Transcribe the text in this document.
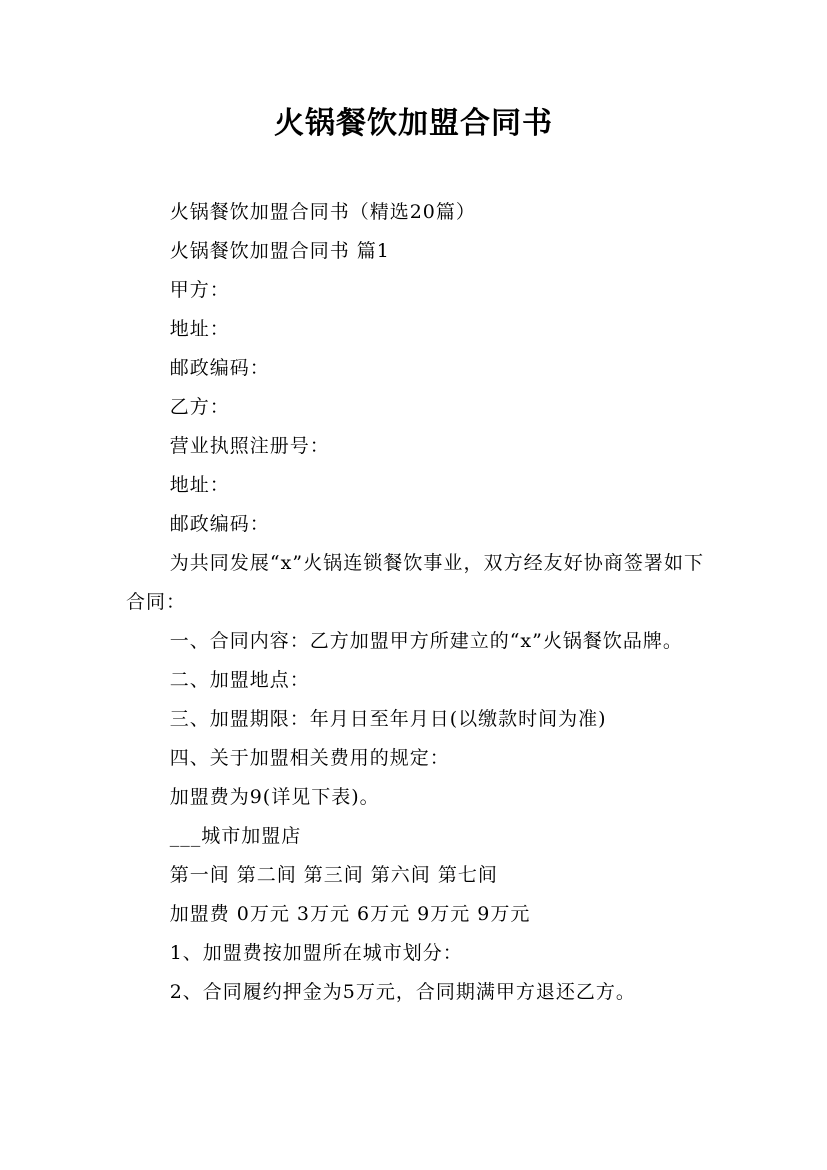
火锅餐饮加盟合同书

火锅餐饮加盟合同书（精选20篇）

火锅餐饮加盟合同书 篇1

甲方：

地址：

邮政编码：

乙方：

营业执照注册号：

地址：

邮政编码：

为共同发展“x”火锅连锁餐饮事业，双方经友好协商签署如下合同：

一、合同内容：乙方加盟甲方所建立的“x”火锅餐饮品牌。

二、加盟地点：

三、加盟期限：年月日至年月日(以缴款时间为准)

四、关于加盟相关费用的规定：

加盟费为9(详见下表)。

___城市加盟店

第一间 第二间 第三间 第六间 第七间

加盟费 0万元 3万元 6万元 9万元 9万元

1、加盟费按加盟所在城市划分：

2、合同履约押金为5万元，合同期满甲方退还乙方。
